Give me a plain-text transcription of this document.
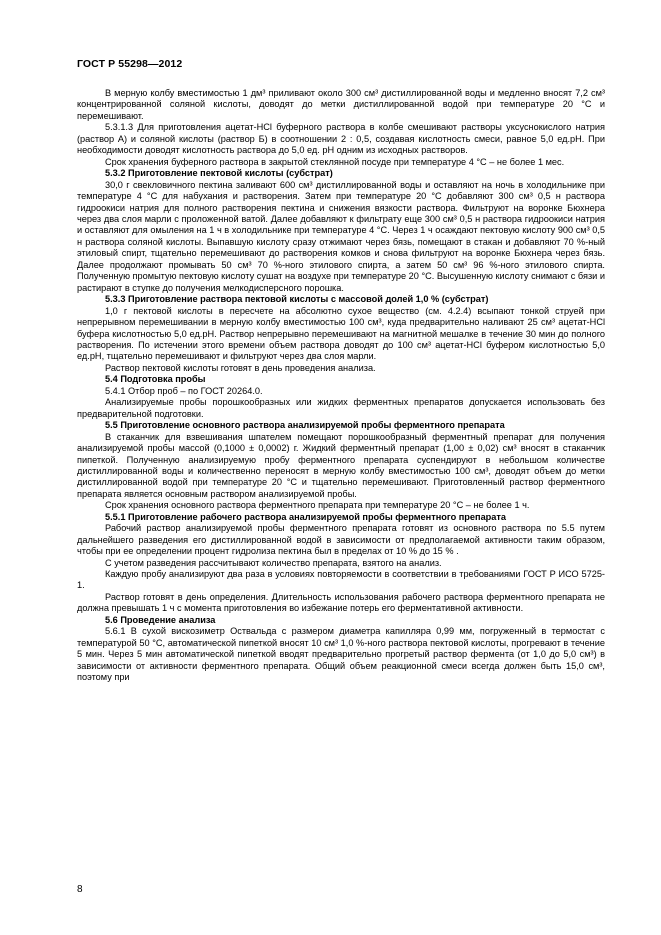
ГОСТ Р 55298—2012

В мерную колбу вместимостью 1 дм³ приливают около 300 см³ дистиллированной воды и медленно вносят 7,2 см³ концентрированной соляной кислоты, доводят до метки дистиллированной водой при температуре 20 °С и перемешивают.

5.3.1.3 Для приготовления ацетат-HCl буферного раствора в колбе смешивают растворы уксуснокислого натрия (раствор А) и соляной кислоты (раствор Б) в соотношении 2 : 0,5, создавая кислотность смеси, равное 5,0 ед.pH. При необходимости доводят кислотность раствора до 5,0 ед. pH одним из исходных растворов.

Срок хранения буферного раствора в закрытой стеклянной посуде при температуре 4 °С – не более 1 мес.

5.3.2 Приготовление пектовой кислоты (субстрат)

30,0 г свекловичного пектина заливают 600 см³ дистиллированной воды и оставляют на ночь в холодильнике при температуре 4 °С для набухания и растворения. Затем при температуре 20 °С добавляют 300 см³ 0,5 н раствора гидроокиси натрия для полного растворения пектина и снижения вязкости раствора. Фильтруют на воронке Бюхнера через два слоя марли с проложенной ватой. Далее добавляют к фильтрату еще 300 см³ 0,5 н раствора гидроокиси натрия и оставляют для омыления на 1 ч в холодильнике при температуре 4 °С. Через 1 ч осаждают пектовую кислоту 900 см³ 0,5 н раствора соляной кислоты. Выпавшую кислоту сразу отжимают через бязь, помещают в стакан и добавляют 70 %-ный этиловый спирт, тщательно перемешивают до растворения комков и снова фильтруют на воронке Бюхнера через бязь. Далее продолжают промывать 50 см³ 70 %-ного этилового спирта, а затем 50 см³ 96 %-ного этилового спирта. Полученную промытую пектовую кислоту сушат на воздухе при температуре 20 °С. Высушенную кислоту снимают с бязи и растирают в ступке до получения мелкодисперсного порошка.

5.3.3 Приготовление раствора пектовой кислоты с массовой долей 1,0 % (субстрат)

1,0 г пектовой кислоты в пересчете на абсолютно сухое вещество (см. 4.2.4) всыпают тонкой струей при непрерывном перемешивании в мерную колбу вместимостью 100 см³, куда предварительно наливают 25 см³ ацетат-HCl буфера кислотностью 5,0 ед.pH. Раствор непрерывно перемешивают на магнитной мешалке в течение 30 мин до полного растворения. По истечении этого времени объем раствора доводят до 100 см³ ацетат-HCl буфером кислотностью 5,0 ед.pH, тщательно перемешивают и фильтруют через два слоя марли.

Раствор пектовой кислоты готовят в день проведения анализа.

5.4 Подготовка пробы

5.4.1 Отбор проб – по ГОСТ 20264.0.

Анализируемые пробы порошкообразных или жидких ферментных препаратов допускается использовать без предварительной подготовки.

5.5 Приготовление основного раствора анализируемой пробы ферментного препарата

В стаканчик для взвешивания шпателем помещают порошкообразный ферментный препарат для получения анализируемой пробы массой (0,1000 ± 0,0002) г. Жидкий ферментный препарат (1,00 ± 0,02) см³ вносят в стаканчик пипеткой. Полученную анализируемую пробу ферментного препарата суспендируют в небольшом количестве дистиллированной воды и количественно переносят в мерную колбу вместимостью 100 см³, доводят объем до метки дистиллированной водой при температуре 20 °С и тщательно перемешивают. Приготовленный раствор ферментного препарата является основным раствором анализируемой пробы.

Срок хранения основного раствора ферментного препарата при температуре 20 °С – не более 1 ч.

5.5.1 Приготовление рабочего раствора анализируемой пробы ферментного препарата

Рабочий раствор анализируемой пробы ферментного препарата готовят из основного раствора по 5.5 путем дальнейшего разведения его дистиллированной водой в зависимости от предполагаемой активности таким образом, чтобы при ее определении процент гидролиза пектина был в пределах от 10 % до 15 % .

С учетом разведения рассчитывают количество препарата, взятого на анализ.

Каждую пробу анализируют два раза в условиях повторяемости в соответствии в требованиями ГОСТ Р ИСО 5725-1.

Раствор готовят в день определения. Длительность использования рабочего раствора ферментного препарата не должна превышать 1 ч с момента приготовления во избежание потерь его ферментативной активности.

5.6 Проведение анализа

5.6.1 В сухой вискозиметр Оствальда с размером диаметра капилляра 0,99 мм, погруженный в термостат с температурой 50 °С, автоматической пипеткой вносят 10 см³ 1,0 %-ного раствора пектовой кислоты, прогревают в течение 5 мин. Через 5 мин автоматической пипеткой вводят предварительно прогретый раствор фермента (от 1,0 до 5,0 см³) в зависимости от активности ферментного препарата. Общий объем реакционной смеси всегда должен быть 15,0 см³, поэтому при

8
